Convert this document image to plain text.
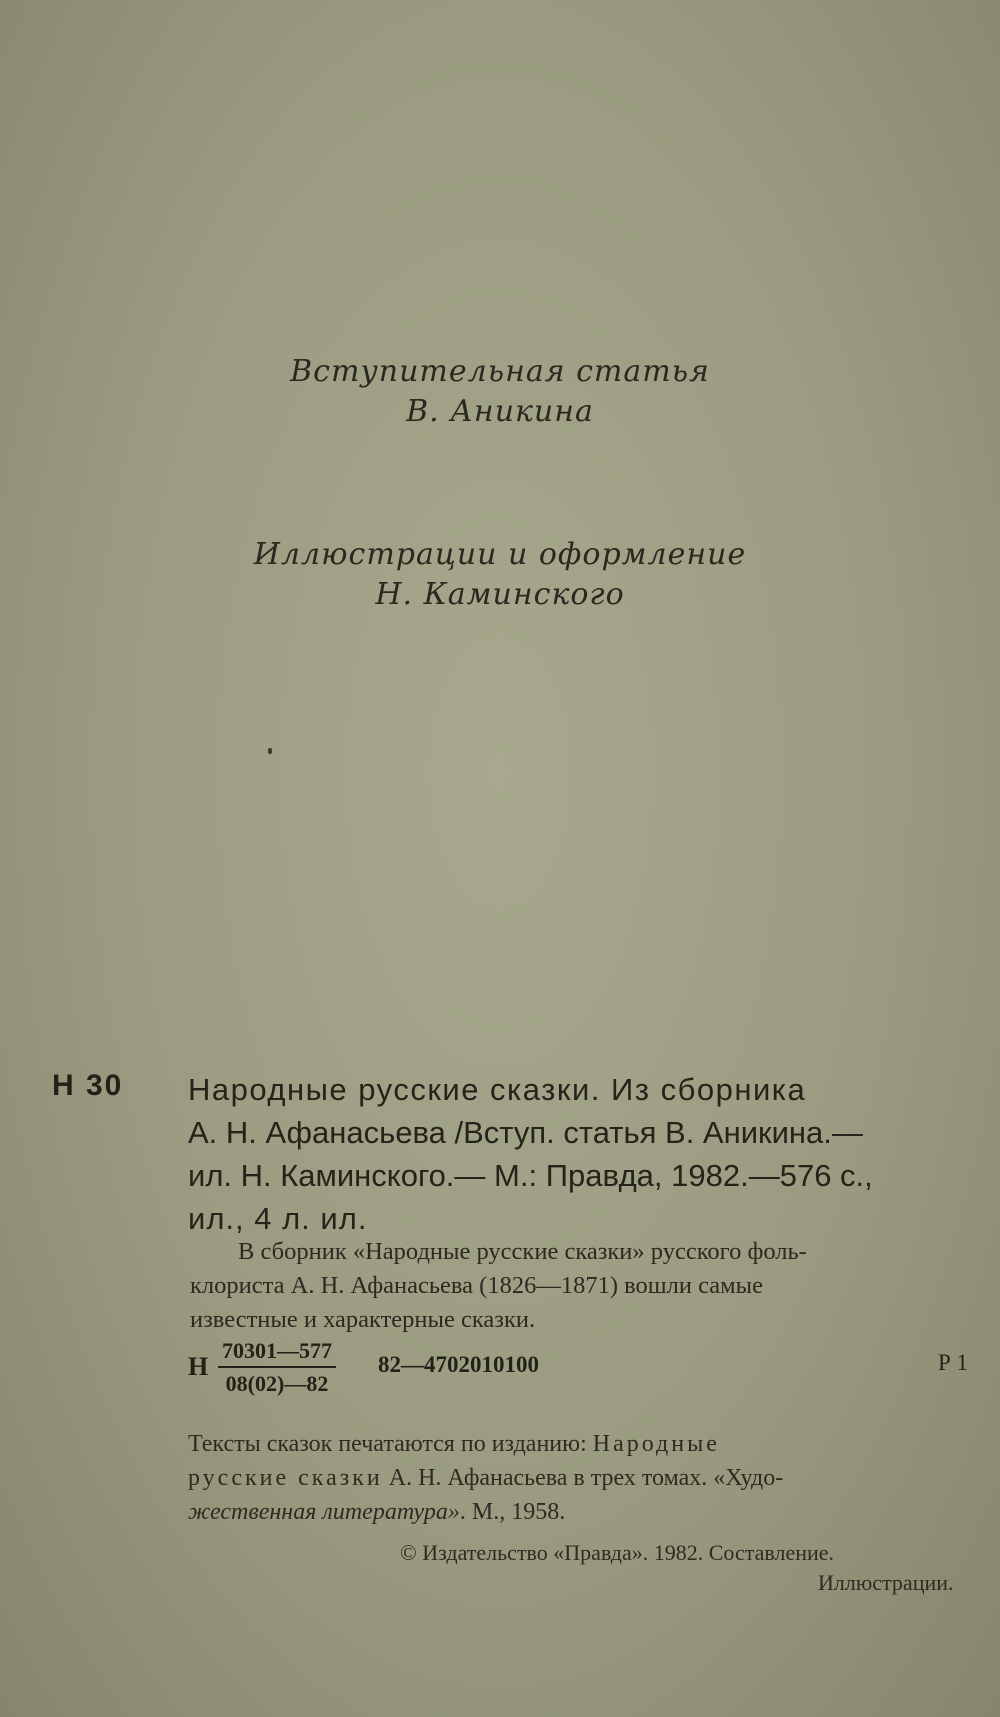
Вступительная статья
В. Аникина
Иллюстрации и оформление
Н. Каминского
Н 30 Народные русские сказки. Из сборника
А. Н. Афанасьева /Вступ. статья В. Аникина.—
ил. Н. Каминского.— М.: Правда, 1982.—576 с.,
ил., 4 л. ил.
В сборник «Народные русские сказки» русского фоль-
клориста А. Н. Афанасьева (1826—1871) вошли самые
известные и характерные сказки.
Н $\frac{70301—577}{08(02)—82}$ 82—4702010100	Р 1
Тексты сказок печатаются по изданию: Народные
русские сказки А. Н. Афанасьева в трех томах. «Худо-
жественная литература». М., 1958.
© Издательство «Правда». 1982. Составление.
Иллюстрации.
